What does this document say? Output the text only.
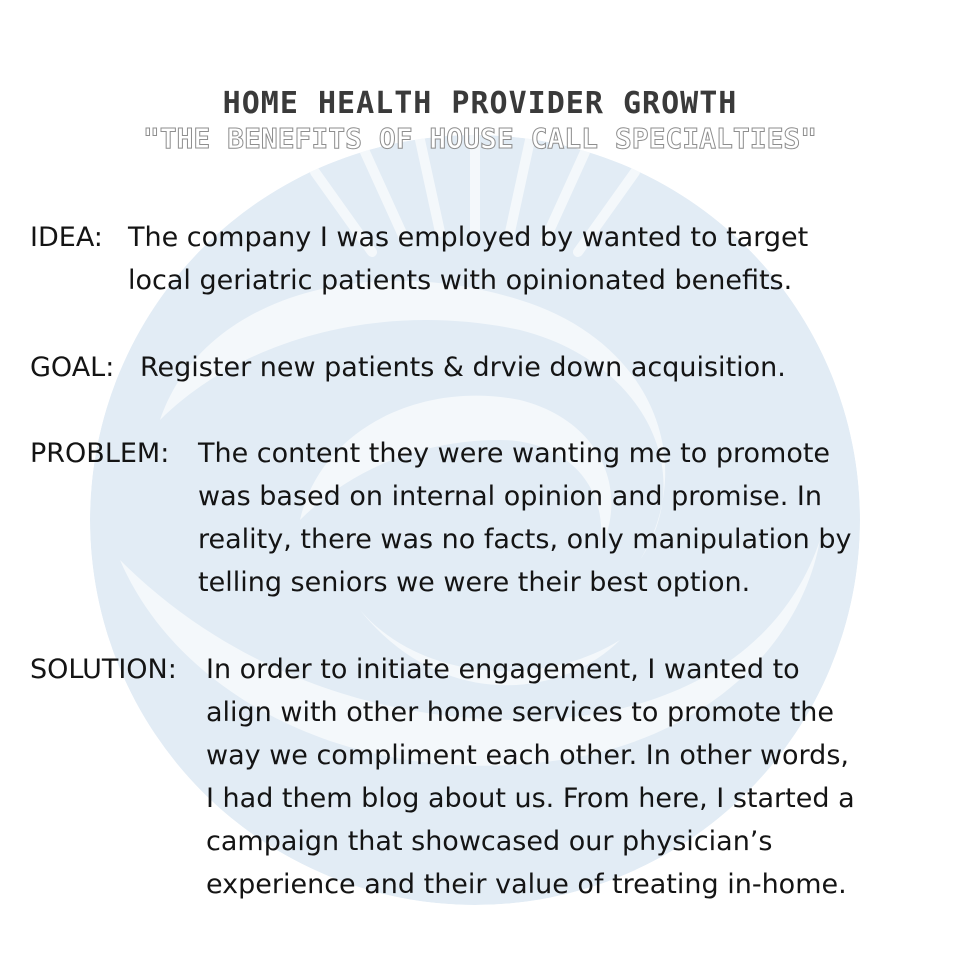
HOME HEALTH PROVIDER GROWTH
"THE BENEFITS OF HOUSE CALL SPECIALTIES"
IDEA: The company I was employed by wanted to target
local geriatric patients with opinionated benefits.
GOAL: Register new patients & drvie down acquisition.
PROBLEM:	The content they were wanting me to promote
was based on internal opinion and promise. In
reality, there was no facts, only manipulation by
telling seniors we were their best option.
SOLUTION:	In order to initiate engagement, I wanted to
align with other home services to promote the
way we compliment each other. In other words,
I had them blog about us. From here, I started a
campaign that showcased our physician’s
experience and their value of treating in-home.
